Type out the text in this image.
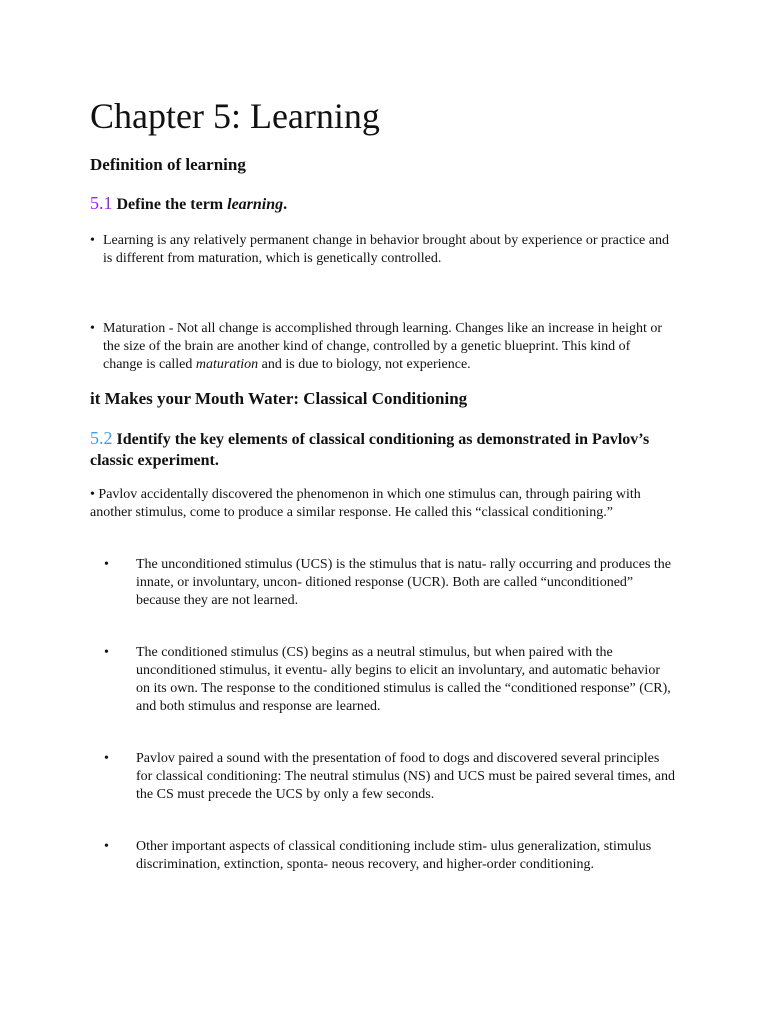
Chapter 5: Learning
Definition of learning
5.1 Define the term learning.
• Learning is any relatively permanent change in behavior brought about by experience or practice and is different from maturation, which is genetically controlled.
• Maturation - Not all change is accomplished through learning. Changes like an increase in height or the size of the brain are another kind of change, controlled by a genetic blueprint. This kind of change is called maturation and is due to biology, not experience.
it Makes your Mouth Water: Classical Conditioning
5.2 Identify the key elements of classical conditioning as demonstrated in Pavlov’s classic experiment.

• Pavlov accidentally discovered the phenomenon in which one stimulus can, through pairing with another stimulus, come to produce a similar response. He called this “classical conditioning.”

• The unconditioned stimulus (UCS) is the stimulus that is natu- rally occurring and produces the innate, or involuntary, uncon- ditioned response (UCR). Both are called “unconditioned” because they are not learned.
• The conditioned stimulus (CS) begins as a neutral stimulus, but when paired with the unconditioned stimulus, it eventu- ally begins to elicit an involuntary, and automatic behavior on its own. The response to the conditioned stimulus is called the “conditioned response” (CR), and both stimulus and response are learned.
• Pavlov paired a sound with the presentation of food to dogs and discovered several principles for classical conditioning: The neutral stimulus (NS) and UCS must be paired several times, and the CS must precede the UCS by only a few seconds.
• Other important aspects of classical conditioning include stim- ulus generalization, stimulus discrimination, extinction, sponta- neous recovery, and higher-order conditioning.
